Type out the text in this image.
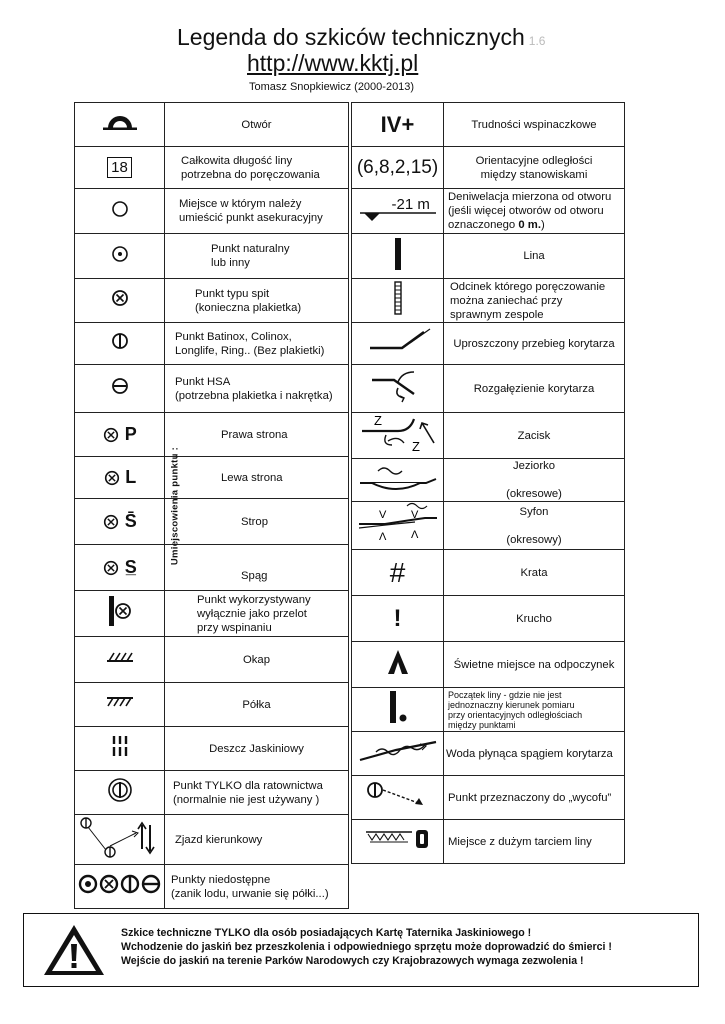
Legenda do szkiców technicznych 1.6
http://www.kktj.pl
Tomasz Snopkiewicz (2000-2013)
	Otwór
18	Całkowita długość liny
potrzebna do poręczowania
	Miejsce w którym należy
umieścić punkt asekuracyjny
	Punkt naturalny
lub inny
	Punkt typu spit
(konieczna plakietka)
	Punkt Batinox, Colinox,
Longlife, Ring.. (Bez plakietki)
	Punkt HSA
(potrzebna plakietka i nakrętka)
P	Prawa strona
L	Lewa strona
S̄	Strop
S̲	Spąg
	Punkt wykorzystywany
wyłącznie jako przelot
przy wspinaniu
	Okap
	Półka
	Deszcz Jaskiniowy
	Punkt TYLKO dla ratownictwa
(normalnie nie jest używany )
	Zjazd kierunkowy
	Punkty niedostępne
(zanik lodu, urwanie się półki...)
Umiejscowienia punktu :
IV+	Trudności wspinaczkowe
(6,8,2,15)	Orientacyjne odległości
między stanowiskami

-21 m	Deniwelacja mierzona od otworu
(jeśli więcej otworów od otworu
oznaczonego 0 m.)
	Lina
	Odcinek którego poręczowanie
można zaniechać przy
sprawnym zespole
	Uproszczony przebieg korytarza
	Rozgałęzienie korytarza

Z
Z	Zacisk
	Jeziorko

(okresowe)

V V
Λ Λ	Syfon

(okresowy)
#	Krata
!	Krucho
	Świetne miejsce na odpoczynek
	Początek liny - gdzie nie jest
jednoznaczny kierunek pomiaru
przy orientacyjnych odległościach
między punktami
	Woda płynąca spągiem korytarza
	Punkt przeznaczony do „wycofu”
	Miejsce z dużym tarciem liny
Szkice techniczne TYLKO dla osób posiadających Kartę Taternika Jaskiniowego !
Wchodzenie do jaskiń bez przeszkolenia i odpowiedniego sprzętu może doprowadzić do śmierci !
Wejście do jaskiń na terenie Parków Narodowych czy Krajobrazowych wymaga zezwolenia !
